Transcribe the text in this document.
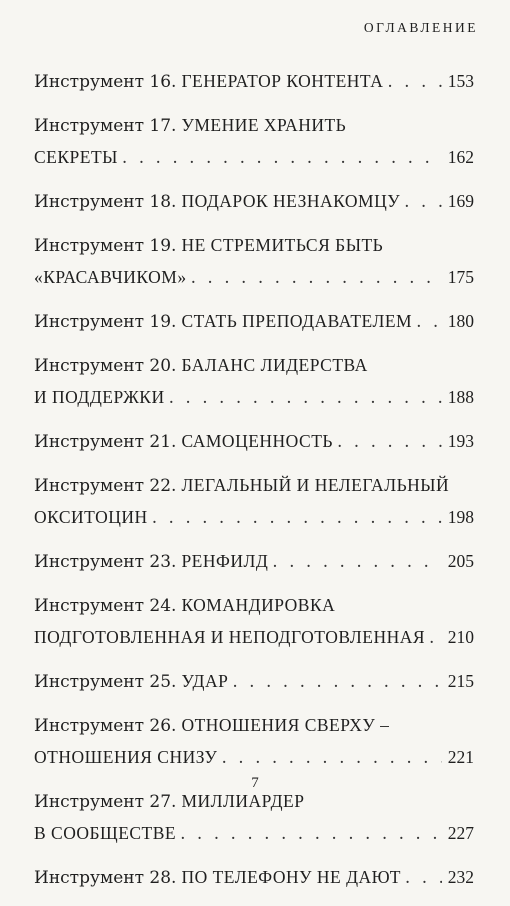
ОГЛАВЛЕНИЕ
Инструмент 16. ГЕНЕРАТОР КОНТЕНТА . . .	153
Инструмент 17. УМЕНИЕ ХРАНИТЬ
СЕКРЕТЫ . . .	162
Инструмент 18. ПОДАРОК НЕЗНАКОМЦУ . . .	169
Инструмент 19. НЕ СТРЕМИТЬСЯ БЫТЬ
«КРАСАВЧИКОМ» . . .	175
Инструмент 19. СТАТЬ ПРЕПОДАВАТЕЛЕМ . . . 180
Инструмент 20. БАЛАНС ЛИДЕРСТВА
И ПОДДЕРЖКИ . . .	188
Инструмент 21. САМОЦЕННОСТЬ . . .	193
Инструмент 22. ЛЕГАЛЬНЫЙ И НЕЛЕГАЛЬНЫЙ
ОКСИТОЦИН . . .	198
Инструмент 23. РЕНФИЛД . . .	205
Инструмент 24. КОМАНДИРОВКА
ПОДГОТОВЛЕННАЯ И НЕПОДГОТОВЛЕННАЯ . . . 210
Инструмент 25. УДАР . . .	215
Инструмент 26. ОТНОШЕНИЯ СВЕРХУ –
ОТНОШЕНИЯ СНИЗУ . . .	221
Инструмент 27. МИЛЛИАРДЕР
В СООБЩЕСТВЕ . . .	227
Инструмент 28. ПО ТЕЛЕФОНУ НЕ ДАЮТ . . .	232
7
